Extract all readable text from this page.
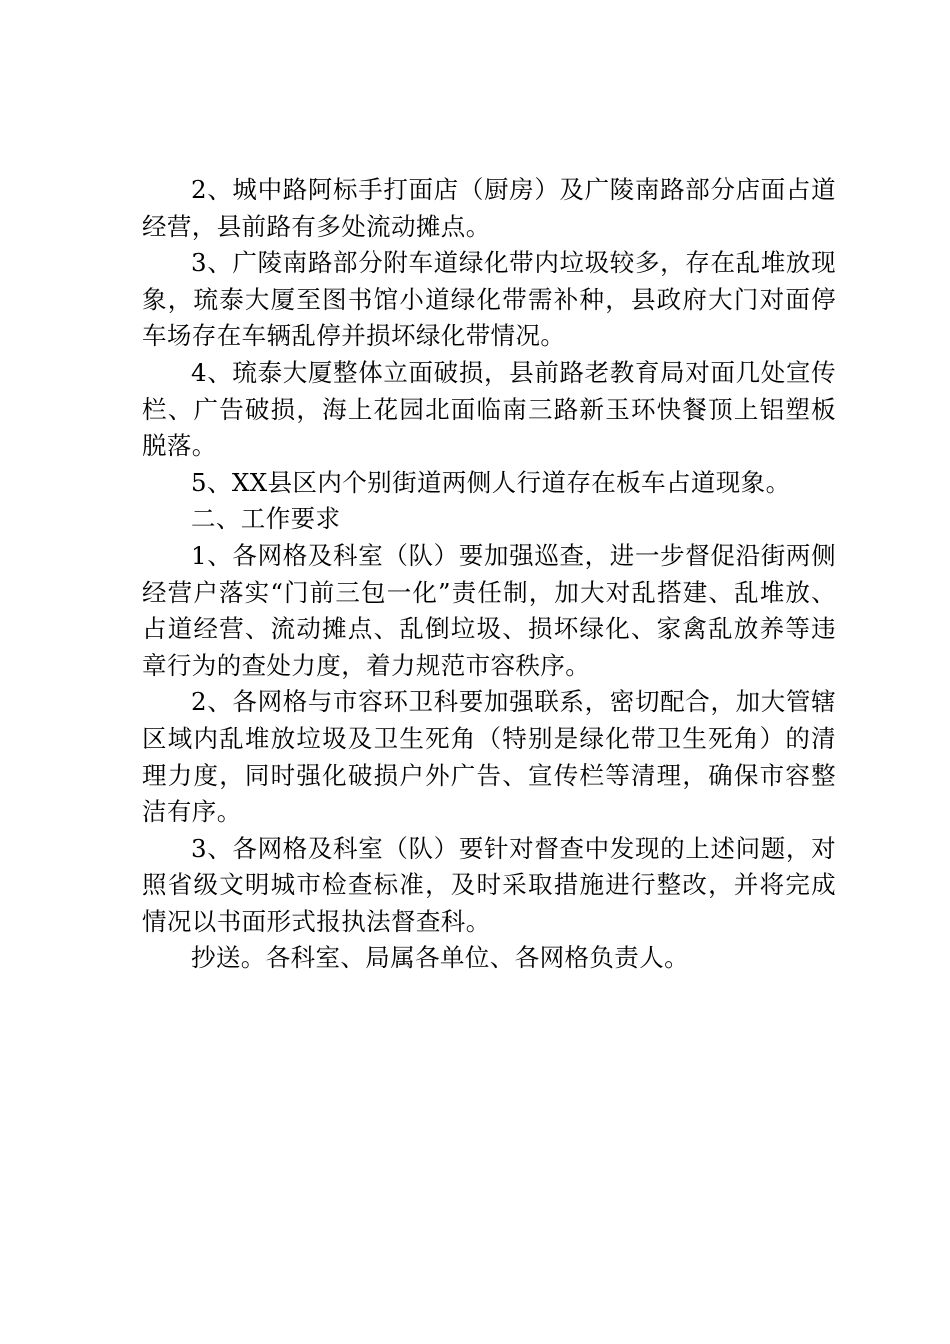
2、城中路阿标手打面店（厨房）及广陵南路部分店面占道经营，县前路有多处流动摊点。

3、广陵南路部分附车道绿化带内垃圾较多，存在乱堆放现象，琉泰大厦至图书馆小道绿化带需补种，县政府大门对面停车场存在车辆乱停并损坏绿化带情况。

4、琉泰大厦整体立面破损，县前路老教育局对面几处宣传栏、广告破损，海上花园北面临南三路新玉环快餐顶上铝塑板脱落。

5、XX县区内个别街道两侧人行道存在板车占道现象。

二、工作要求

1、各网格及科室（队）要加强巡查，进一步督促沿街两侧经营户落实“门前三包一化”责任制，加大对乱搭建、乱堆放、占道经营、流动摊点、乱倒垃圾、损坏绿化、家禽乱放养等违章行为的查处力度，着力规范市容秩序。

2、各网格与市容环卫科要加强联系，密切配合，加大管辖区域内乱堆放垃圾及卫生死角（特别是绿化带卫生死角）的清理力度，同时强化破损户外广告、宣传栏等清理，确保市容整洁有序。

3、各网格及科室（队）要针对督查中发现的上述问题，对照省级文明城市检查标准，及时采取措施进行整改，并将完成情况以书面形式报执法督查科。

抄送。各科室、局属各单位、各网格负责人。
